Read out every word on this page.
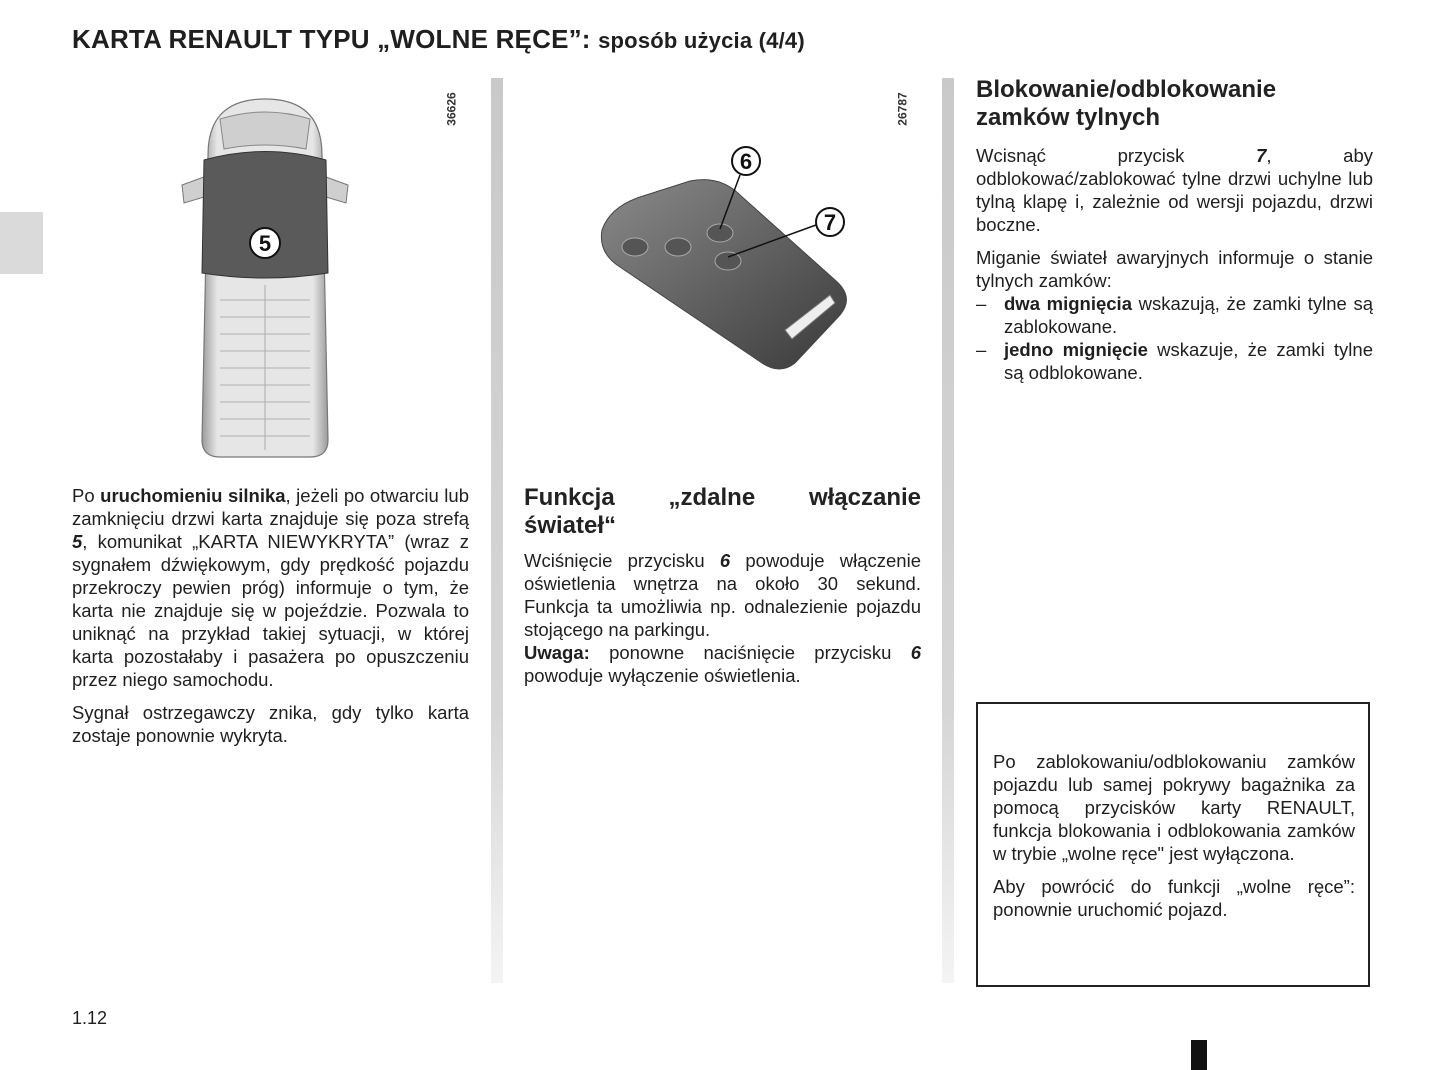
KARTA RENAULT TYPU „WOLNE RĘCE”: sposób użycia (4/4)
5
36626
6
7
26787

Po uruchomieniu silnika, jeżeli po otwarciu lub zamknięciu drzwi karta znajduje się poza strefą 5, komunikat „KARTA NIEWYKRYTA” (wraz z sygnałem dźwiękowym, gdy prędkość pojazdu przekroczy pewien próg) informuje o tym, że karta nie znajduje się w pojeździe. Pozwala to uniknąć na przykład takiej sytuacji, w której karta pozostałaby i pasażera po opuszczeniu przez niego samochodu.

Sygnał ostrzegawczy znika, gdy tylko karta zostaje ponownie wykryta.

Funkcja „zdalne włączanie świateł“

Wciśnięcie przycisku 6 powoduje włączenie oświetlenia wnętrza na około 30 sekund. Funkcja ta umożliwia np. odnalezienie pojazdu stojącego na parkingu.

Uwaga: ponowne naciśnięcie przycisku 6 powoduje wyłączenie oświetlenia.

Blokowanie/odblokowanie zamków tylnych

Wcisnąć przycisk 7, aby odblokować/zablokować tylne drzwi uchylne lub tylną klapę i, zależnie od wersji pojazdu, drzwi boczne.

Miganie świateł awaryjnych informuje o stanie tylnych zamków:

– dwa mignięcia wskazują, że zamki tylne są zablokowane.
– jedno mignięcie wskazuje, że zamki tylne są odblokowane.

Po zablokowaniu/odblokowaniu zamków pojazdu lub samej pokrywy bagażnika za pomocą przycisków karty RENAULT, funkcja blokowania i odblokowania zamków w trybie „wolne ręce" jest wyłączona.

Aby powrócić do funkcji „wolne ręce”: ponownie uruchomić pojazd.

1.12
